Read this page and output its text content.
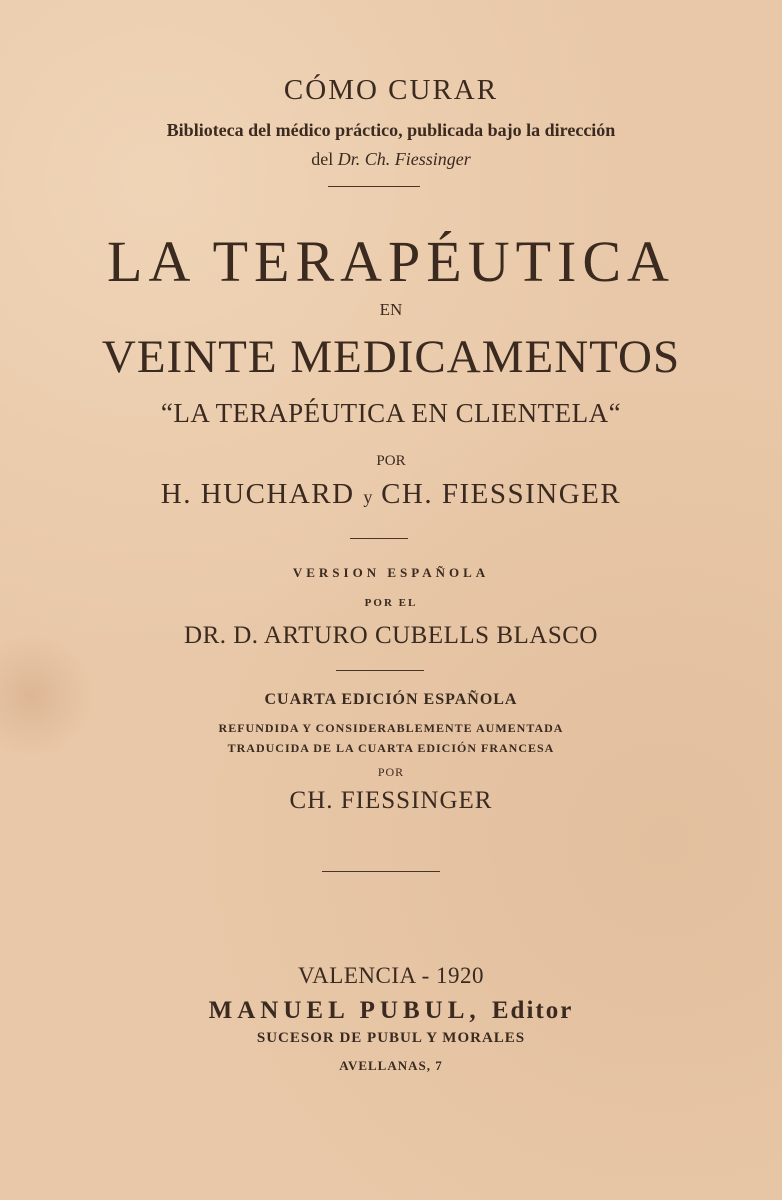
CÓMO CURAR
Biblioteca del médico práctico, publicada bajo la dirección
del Dr. Ch. Fiessinger
LA TERAPÉUTICA
EN
VEINTE MEDICAMENTOS
“LA TERAPÉUTICA EN CLIENTELA“
POR
H. HUCHARD y CH. FIESSINGER
VERSION ESPAÑOLA
POR EL
DR. D. ARTURO CUBELLS BLASCO
CUARTA EDICIÓN ESPAÑOLA
REFUNDIDA Y CONSIDERABLEMENTE AUMENTADA
TRADUCIDA DE LA CUARTA EDICIÓN FRANCESA
POR
CH. FIESSINGER
VALENCIA - 1920
MANUEL PUBUL, Editor
SUCESOR DE PUBUL Y MORALES
AVELLANAS, 7
